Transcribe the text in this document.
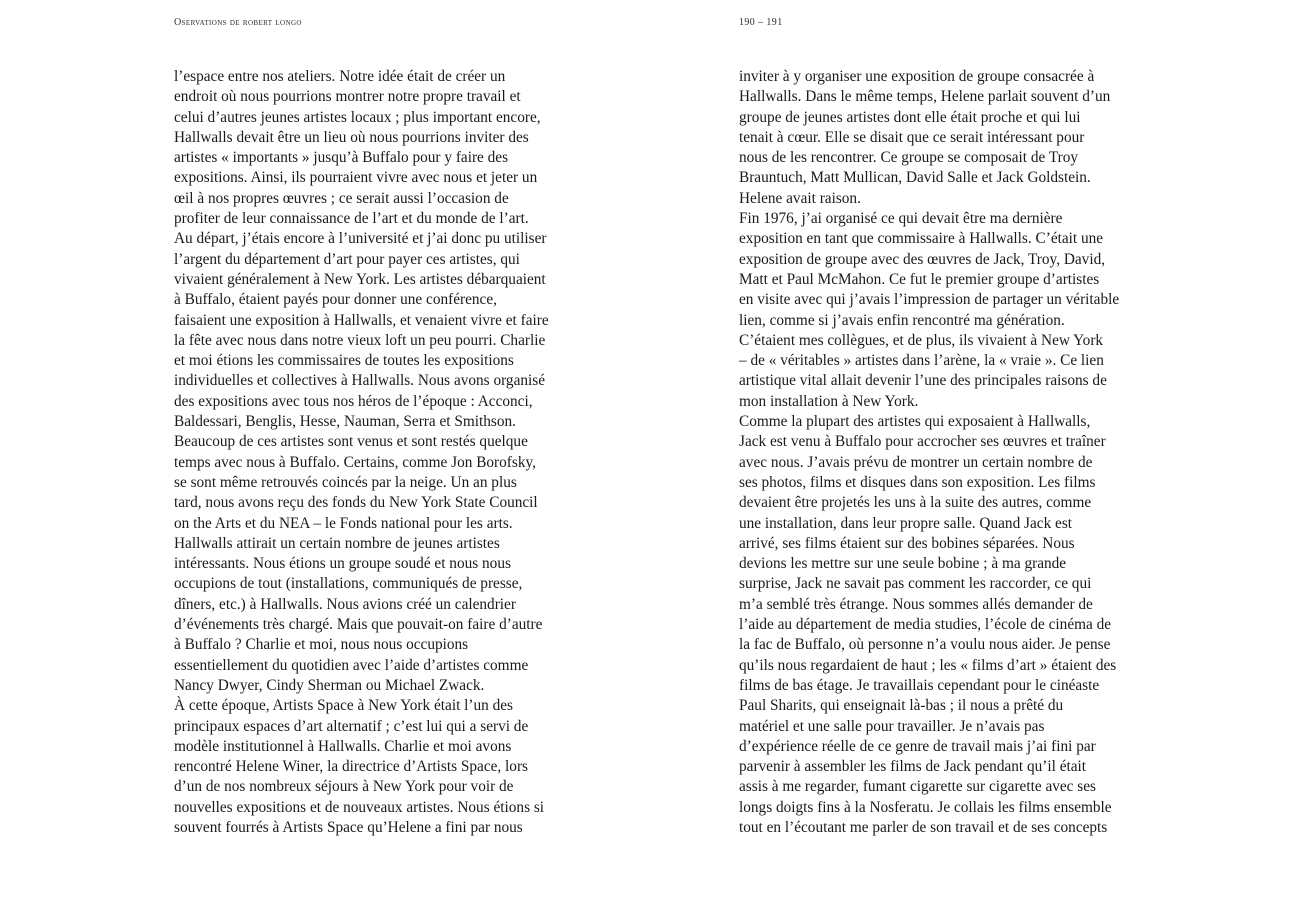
Oservations de robert longo	190 – 191
l’espace entre nos ateliers. Notre idée était de créer un
endroit où nous pourrions montrer notre propre travail et
celui d’autres jeunes artistes locaux ; plus important encore,
Hallwalls devait être un lieu où nous pourrions inviter des
artistes « importants » jusqu’à Buffalo pour y faire des
expositions. Ainsi, ils pourraient vivre avec nous et jeter un
œil à nos propres œuvres ; ce serait aussi l’occasion de
profiter de leur connaissance de l’art et du monde de l’art.
Au départ, j’étais encore à l’université et j’ai donc pu utiliser
l’argent du département d’art pour payer ces artistes, qui
vivaient généralement à New York. Les artistes débarquaient
à Buffalo, étaient payés pour donner une conférence,
faisaient une exposition à Hallwalls, et venaient vivre et faire
la fête avec nous dans notre vieux loft un peu pourri. Charlie
et moi étions les commissaires de toutes les expositions
individuelles et collectives à Hallwalls. Nous avons organisé
des expositions avec tous nos héros de l’époque : Acconci,
Baldessari, Benglis, Hesse, Nauman, Serra et Smithson.
Beaucoup de ces artistes sont venus et sont restés quelque
temps avec nous à Buffalo. Certains, comme Jon Borofsky,
se sont même retrouvés coincés par la neige. Un an plus
tard, nous avons reçu des fonds du New York State Council
on the Arts et du NEA – le Fonds national pour les arts.
Hallwalls attirait un certain nombre de jeunes artistes
intéressants. Nous étions un groupe soudé et nous nous
occupions de tout (installations, communiqués de presse,
dîners, etc.) à Hallwalls. Nous avions créé un calendrier
d’événements très chargé. Mais que pouvait-on faire d’autre
à Buffalo ? Charlie et moi, nous nous occupions
essentiellement du quotidien avec l’aide d’artistes comme
Nancy Dwyer, Cindy Sherman ou Michael Zwack.
À cette époque, Artists Space à New York était l’un des
principaux espaces d’art alternatif ; c’est lui qui a servi de
modèle institutionnel à Hallwalls. Charlie et moi avons
rencontré Helene Winer, la directrice d’Artists Space, lors
d’un de nos nombreux séjours à New York pour voir de
nouvelles expositions et de nouveaux artistes. Nous étions si
souvent fourrés à Artists Space qu’Helene a fini par nous
inviter à y organiser une exposition de groupe consacrée à
Hallwalls. Dans le même temps, Helene parlait souvent d’un
groupe de jeunes artistes dont elle était proche et qui lui
tenait à cœur. Elle se disait que ce serait intéressant pour
nous de les rencontrer. Ce groupe se composait de Troy
Brauntuch, Matt Mullican, David Salle et Jack Goldstein.
Helene avait raison.
Fin 1976, j’ai organisé ce qui devait être ma dernière
exposition en tant que commissaire à Hallwalls. C’était une
exposition de groupe avec des œuvres de Jack, Troy, David,
Matt et Paul McMahon. Ce fut le premier groupe d’artistes
en visite avec qui j’avais l’impression de partager un véritable
lien, comme si j’avais enfin rencontré ma génération.
C’étaient mes collègues, et de plus, ils vivaient à New York
– de « véritables » artistes dans l’arène, la « vraie ». Ce lien
artistique vital allait devenir l’une des principales raisons de
mon installation à New York.
Comme la plupart des artistes qui exposaient à Hallwalls,
Jack est venu à Buffalo pour accrocher ses œuvres et traîner
avec nous. J’avais prévu de montrer un certain nombre de
ses photos, films et disques dans son exposition. Les films
devaient être projetés les uns à la suite des autres, comme
une installation, dans leur propre salle. Quand Jack est
arrivé, ses films étaient sur des bobines séparées. Nous
devions les mettre sur une seule bobine ; à ma grande
surprise, Jack ne savait pas comment les raccorder, ce qui
m’a semblé très étrange. Nous sommes allés demander de
l’aide au département de media studies, l’école de cinéma de
la fac de Buffalo, où personne n’a voulu nous aider. Je pense
qu’ils nous regardaient de haut ; les « films d’art » étaient des
films de bas étage. Je travaillais cependant pour le cinéaste
Paul Sharits, qui enseignait là-bas ; il nous a prêté du
matériel et une salle pour travailler. Je n’avais pas
d’expérience réelle de ce genre de travail mais j’ai fini par
parvenir à assembler les films de Jack pendant qu’il était
assis à me regarder, fumant cigarette sur cigarette avec ses
longs doigts fins à la Nosferatu. Je collais les films ensemble
tout en l’écoutant me parler de son travail et de ses concepts
